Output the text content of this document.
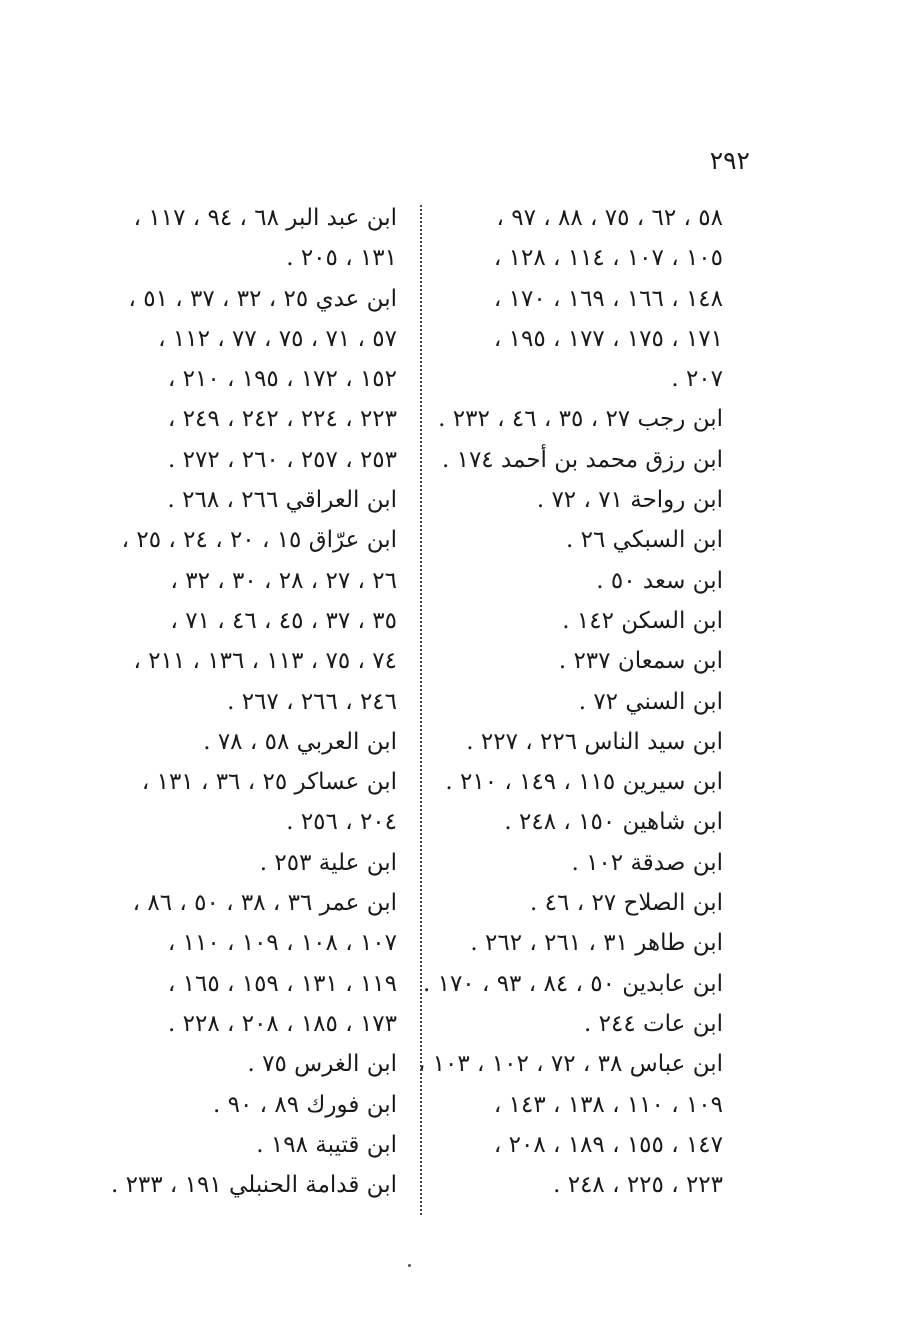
٢٩٢
٥٨ ، ٦٢ ، ٧٥ ، ٨٨ ، ٩٧ ،
١٠٥ ، ١٠٧ ، ١١٤ ، ١٢٨ ،
١٤٨ ، ١٦٦ ، ١٦٩ ، ١٧٠ ،
١٧١ ، ١٧٥ ، ١٧٧ ، ١٩٥ ،
٢٠٧ .
ابن رجب ٢٧ ، ٣٥ ، ٤٦ ، ٢٣٢ .
ابن رزق محمد بن أحمد ١٧٤ .
ابن رواحة ٧١ ، ٧٢ .
ابن السبكي ٢٦ .
ابن سعد ٥٠ .
ابن السكن ١٤٢ .
ابن سمعان ٢٣٧ .
ابن السني ٧٢ .
ابن سيد الناس ٢٢٦ ، ٢٢٧ .
ابن سيرين ١١٥ ، ١٤٩ ، ٢١٠ .
ابن شاهين ١٥٠ ، ٢٤٨ .
ابن صدقة ١٠٢ .
ابن الصلاح ٢٧ ، ٤٦ .
ابن طاهر ٣١ ، ٢٦١ ، ٢٦٢ .
ابن عابدين ٥٠ ، ٨٤ ، ٩٣ ، ١٧٠ .
ابن عات ٢٤٤ .
ابن عباس ٣٨ ، ٧٢ ، ١٠٢ ، ١٠٣ ،
١٠٩ ، ١١٠ ، ١٣٨ ، ١٤٣ ،
١٤٧ ، ١٥٥ ، ١٨٩ ، ٢٠٨ ،
٢٢٣ ، ٢٢٥ ، ٢٤٨ .
ابن عبد البر ٦٨ ، ٩٤ ، ١١٧ ،
١٣١ ، ٢٠٥ .
ابن عدي ٢٥ ، ٣٢ ، ٣٧ ، ٥١ ،
٥٧ ، ٧١ ، ٧٥ ، ٧٧ ، ١١٢ ،
١٥٢ ، ١٧٢ ، ١٩٥ ، ٢١٠ ،
٢٢٣ ، ٢٢٤ ، ٢٤٢ ، ٢٤٩ ،
٢٥٣ ، ٢٥٧ ، ٢٦٠ ، ٢٧٢ .
ابن العراقي ٢٦٦ ، ٢٦٨ .
ابن عرّاق ١٥ ، ٢٠ ، ٢٤ ، ٢٥ ،
٢٦ ، ٢٧ ، ٢٨ ، ٣٠ ، ٣٢ ،
٣٥ ، ٣٧ ، ٤٥ ، ٤٦ ، ٧١ ،
٧٤ ، ٧٥ ، ١١٣ ، ١٣٦ ، ٢١١ ،
٢٤٦ ، ٢٦٦ ، ٢٦٧ .
ابن العربي ٥٨ ، ٧٨ .
ابن عساكر ٢٥ ، ٣٦ ، ١٣١ ،
٢٠٤ ، ٢٥٦ .
ابن علية ٢٥٣ .
ابن عمر ٣٦ ، ٣٨ ، ٥٠ ، ٨٦ ،
١٠٧ ، ١٠٨ ، ١٠٩ ، ١١٠ ،
١١٩ ، ١٣١ ، ١٥٩ ، ١٦٥ ،
١٧٣ ، ١٨٥ ، ٢٠٨ ، ٢٢٨ .
ابن الغرس ٧٥ .
ابن فورك ٨٩ ، ٩٠ .
ابن قتيبة ١٩٨ .
ابن قدامة الحنبلي ١٩١ ، ٢٣٣ .
